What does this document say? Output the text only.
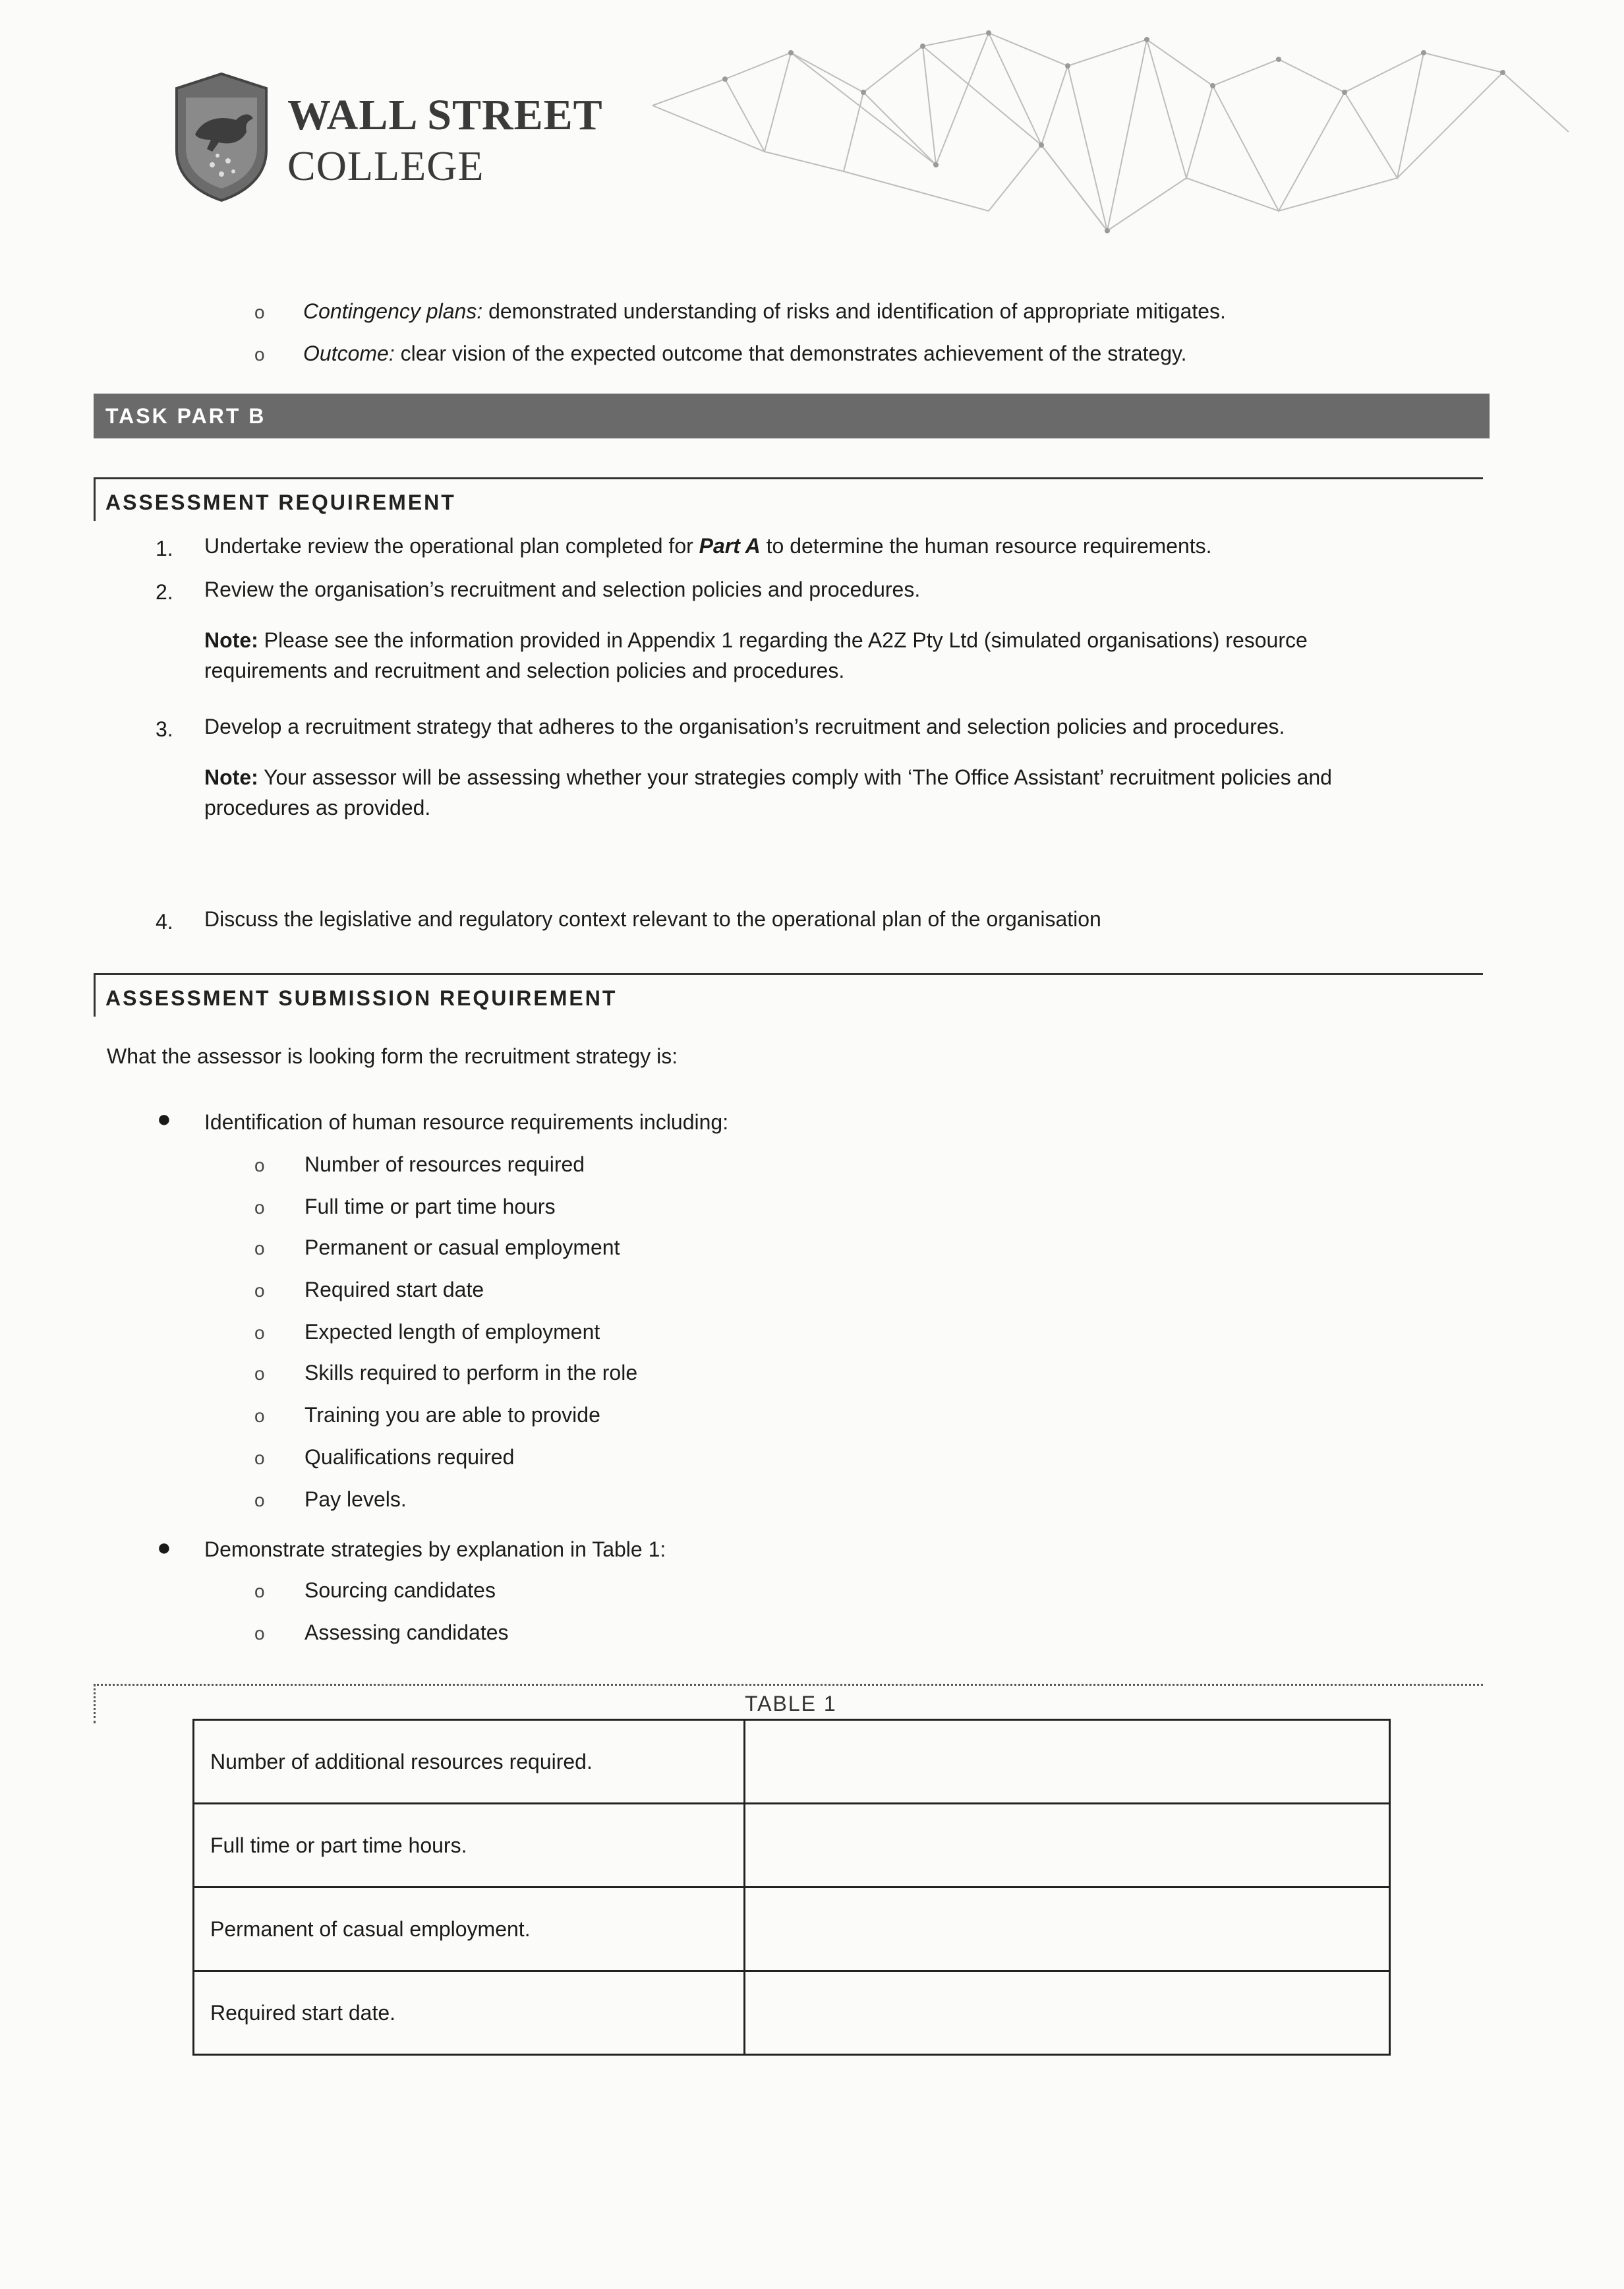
WALL STREET
COLLEGE
o Contingency plans: demonstrated understanding of risks and identification of appropriate mitigates.
o Outcome: clear vision of the expected outcome that demonstrates achievement of the strategy.
TASK PART B
ASSESSMENT REQUIREMENT
1. Undertake review the operational plan completed for Part A to determine the human resource requirements.
2. Review the organisation’s recruitment and selection policies and procedures.
Note: Please see the information provided in Appendix 1 regarding the A2Z Pty Ltd (simulated organisations) resource
requirements and recruitment and selection policies and procedures.
3. Develop a recruitment strategy that adheres to the organisation’s recruitment and selection policies and procedures.
Note: Your assessor will be assessing whether your strategies comply with ‘The Office Assistant’ recruitment policies and
procedures as provided.
4. Discuss the legislative and regulatory context relevant to the operational plan of the organisation
ASSESSMENT SUBMISSION REQUIREMENT
What the assessor is looking form the recruitment strategy is:
● Identification of human resource requirements including:
o Number of resources required
o Full time or part time hours
o Permanent or casual employment
o Required start date
o Expected length of employment
o Skills required to perform in the role
o Training you are able to provide
o Qualifications required
o Pay levels.
● Demonstrate strategies by explanation in Table 1:
o Sourcing candidates
o Assessing candidates
TABLE 1
Number of additional resources required.	
Full time or part time hours.	
Permanent of casual employment.	
Required start date.	
